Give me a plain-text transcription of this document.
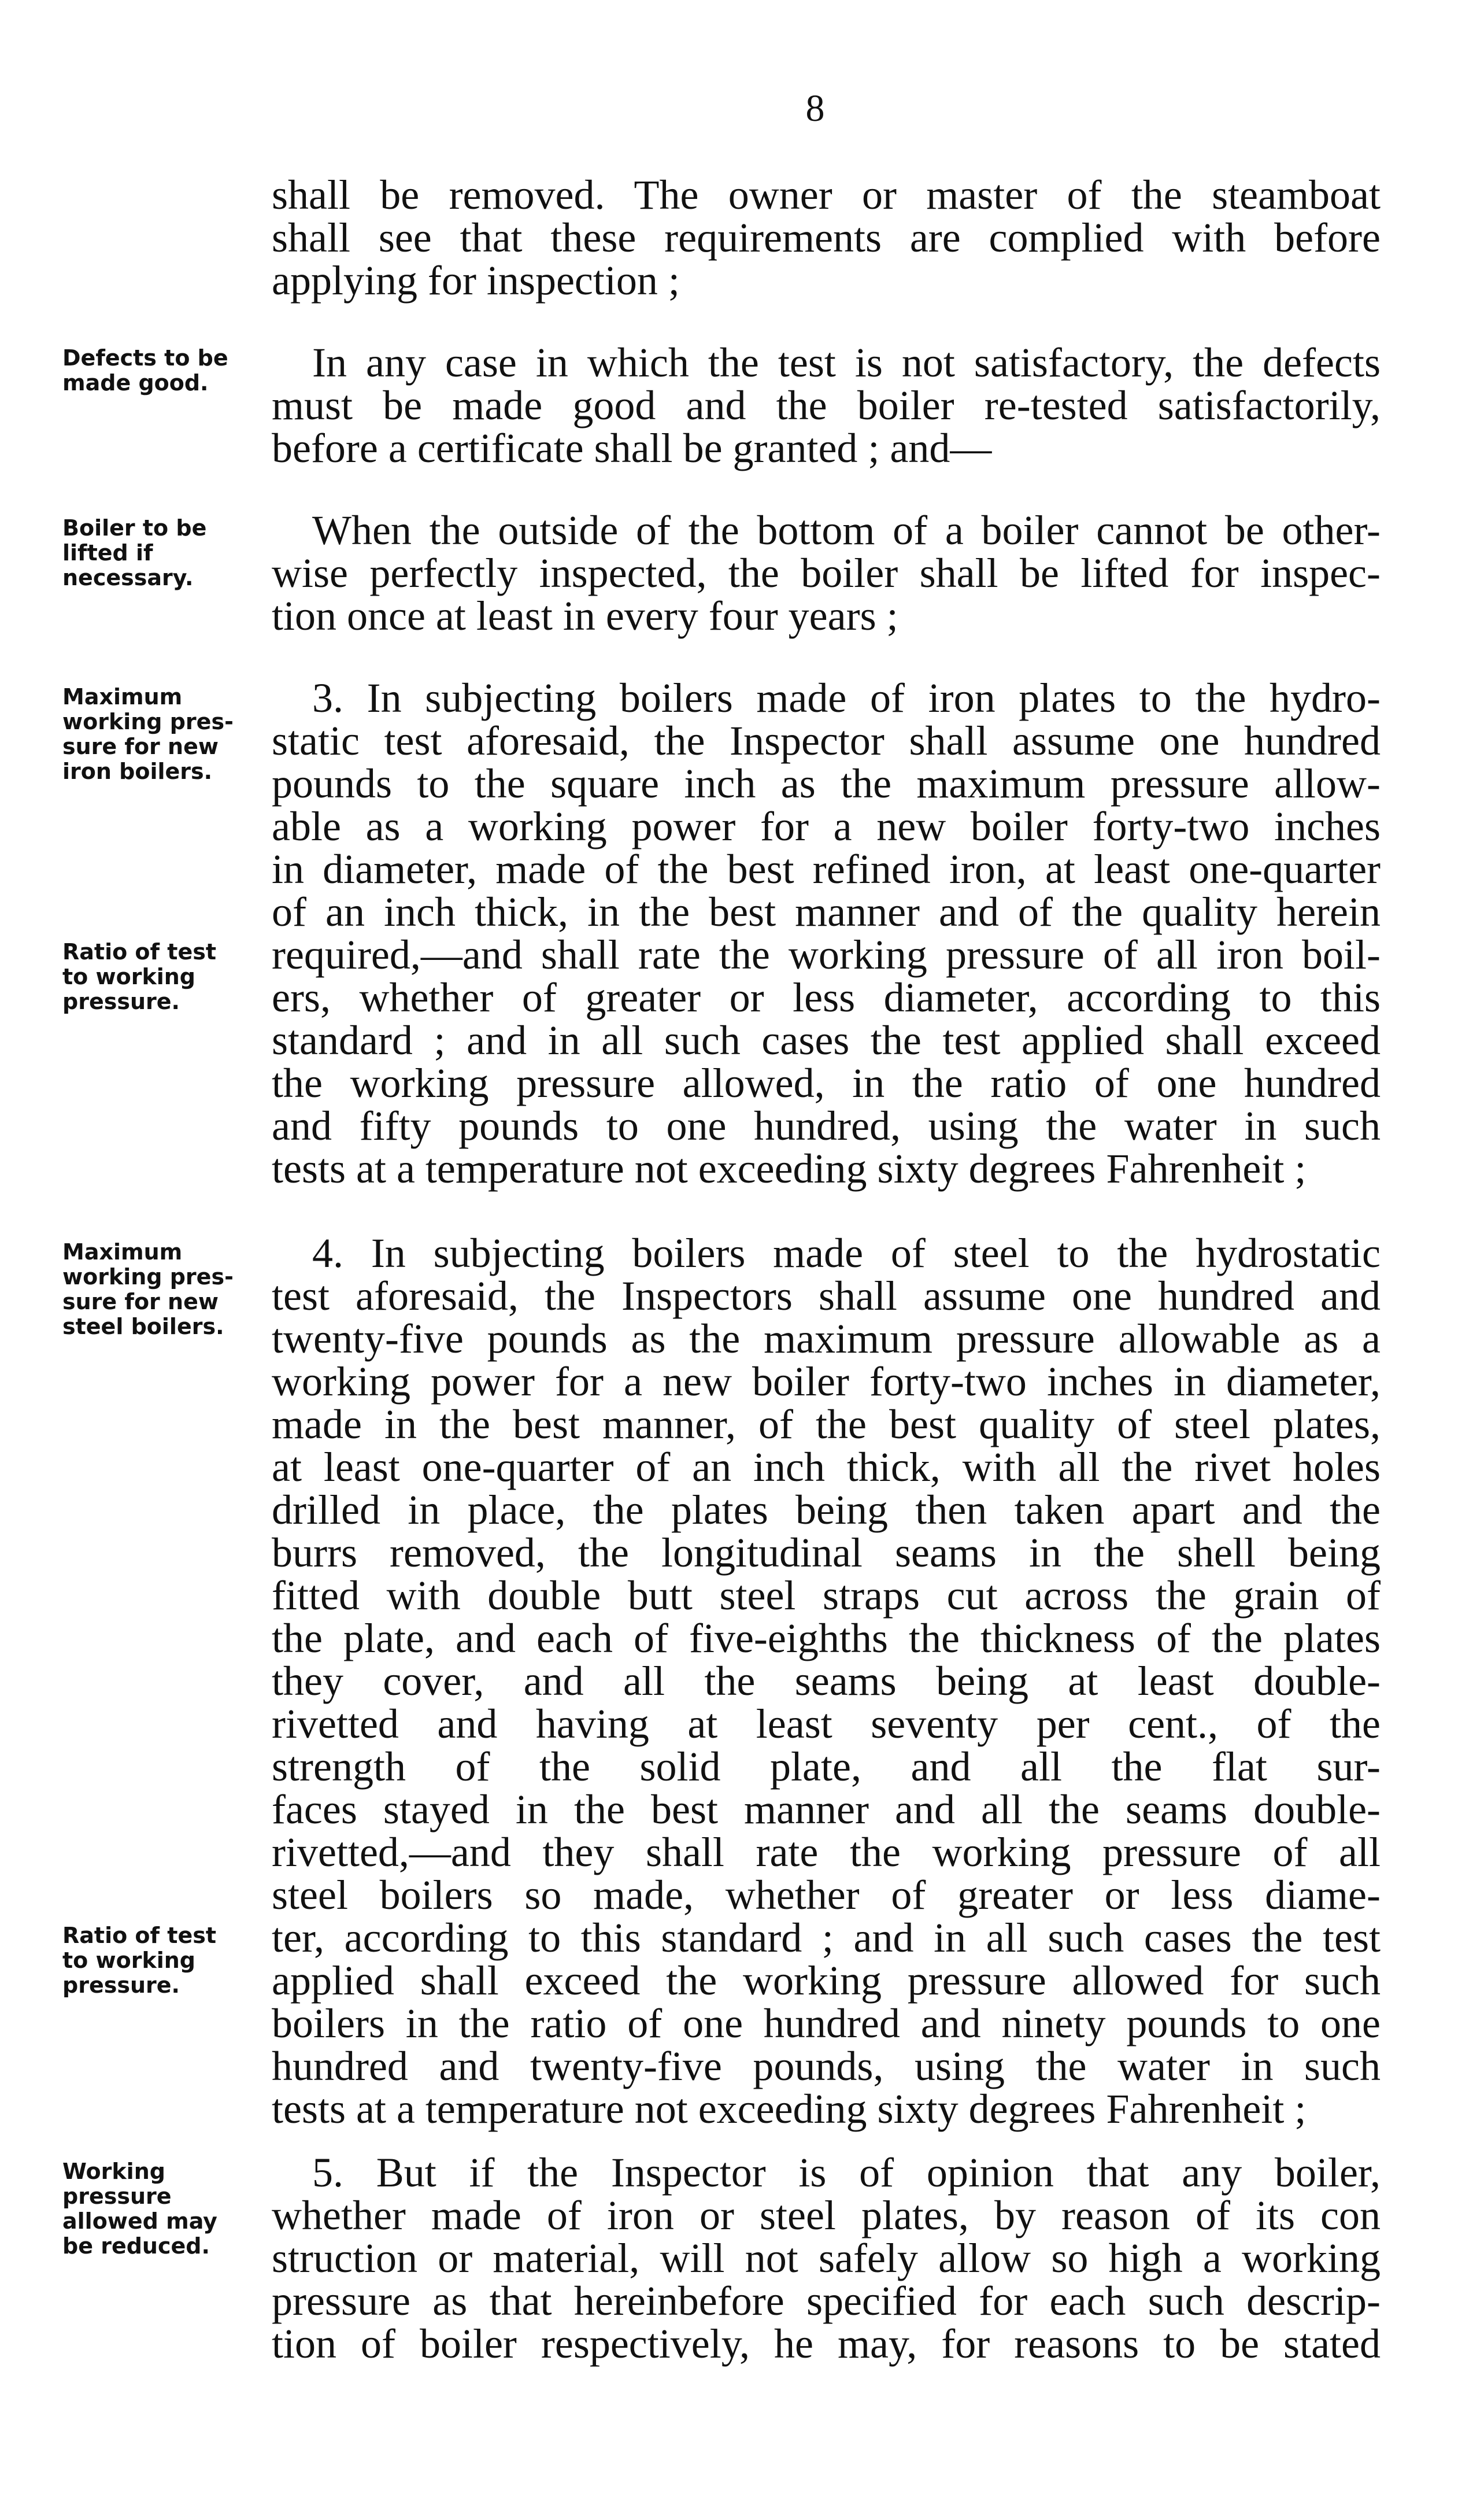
8
shall be removed. The owner or master of the steamboat
shall see that these requirements are complied with before
applying for inspection ;
Defects to be
made good.	In any case in which the test is not satisfactory, the defects
must be made good and the boiler re-tested satisfactorily,
before a certificate shall be granted ; and—
Boiler to be
lifted if
necessary.
When the outside of the bottom of a boiler cannot be other-
wise perfectly inspected, the boiler shall be lifted for inspec-
tion once at least in every four years ;
Maximum
working pres-
sure for new
iron boilers.
Ratio of test
to working
pressure.
3. In subjecting boilers made of iron plates to the hydro-
static test aforesaid, the Inspector shall assume one hundred
pounds to the square inch as the maximum pressure allow-
able as a working power for a new boiler forty-two inches
in diameter, made of the best refined iron, at least one-quarter
of an inch thick, in the best manner and of the quality herein
required,—and shall rate the working pressure of all iron boil-
ers, whether of greater or less diameter, according to this
standard ; and in all such cases the test applied shall exceed
the working pressure allowed, in the ratio of one hundred
and fifty pounds to one hundred, using the water in such
tests at a temperature not exceeding sixty degrees Fahrenheit ;
Maximum
working pres-
sure for new
steel boilers.
Ratio of test
to working
pressure.
4. In subjecting boilers made of steel to the hydrostatic
test aforesaid, the Inspectors shall assume one hundred and
twenty-five pounds as the maximum pressure allowable as a
working power for a new boiler forty-two inches in diameter,
made in the best manner, of the best quality of steel plates,
at least one-quarter of an inch thick, with all the rivet holes
drilled in place, the plates being then taken apart and the
burrs removed, the longitudinal seams in the shell being
fitted with double butt steel straps cut across the grain of
the plate, and each of five-eighths the thickness of the plates
they cover, and all the seams being at least double-
rivetted and having at least seventy per cent., of the
strength of the solid plate, and all the flat sur-
faces stayed in the best manner and all the seams double-
rivetted,—and they shall rate the working pressure of all
steel boilers so made, whether of greater or less diame-
ter, according to this standard ; and in all such cases the test
applied shall exceed the working pressure allowed for such
boilers in the ratio of one hundred and ninety pounds to one
hundred and twenty-five pounds, using the water in such
tests at a temperature not exceeding sixty degrees Fahrenheit ;
Working
pressure
allowed may
be reduced.
5. But if the Inspector is of opinion that any boiler,
whether made of iron or steel plates, by reason of its con
struction or material, will not safely allow so high a working
pressure as that hereinbefore specified for each such descrip-
tion of boiler respectively, he may, for reasons to be stated
